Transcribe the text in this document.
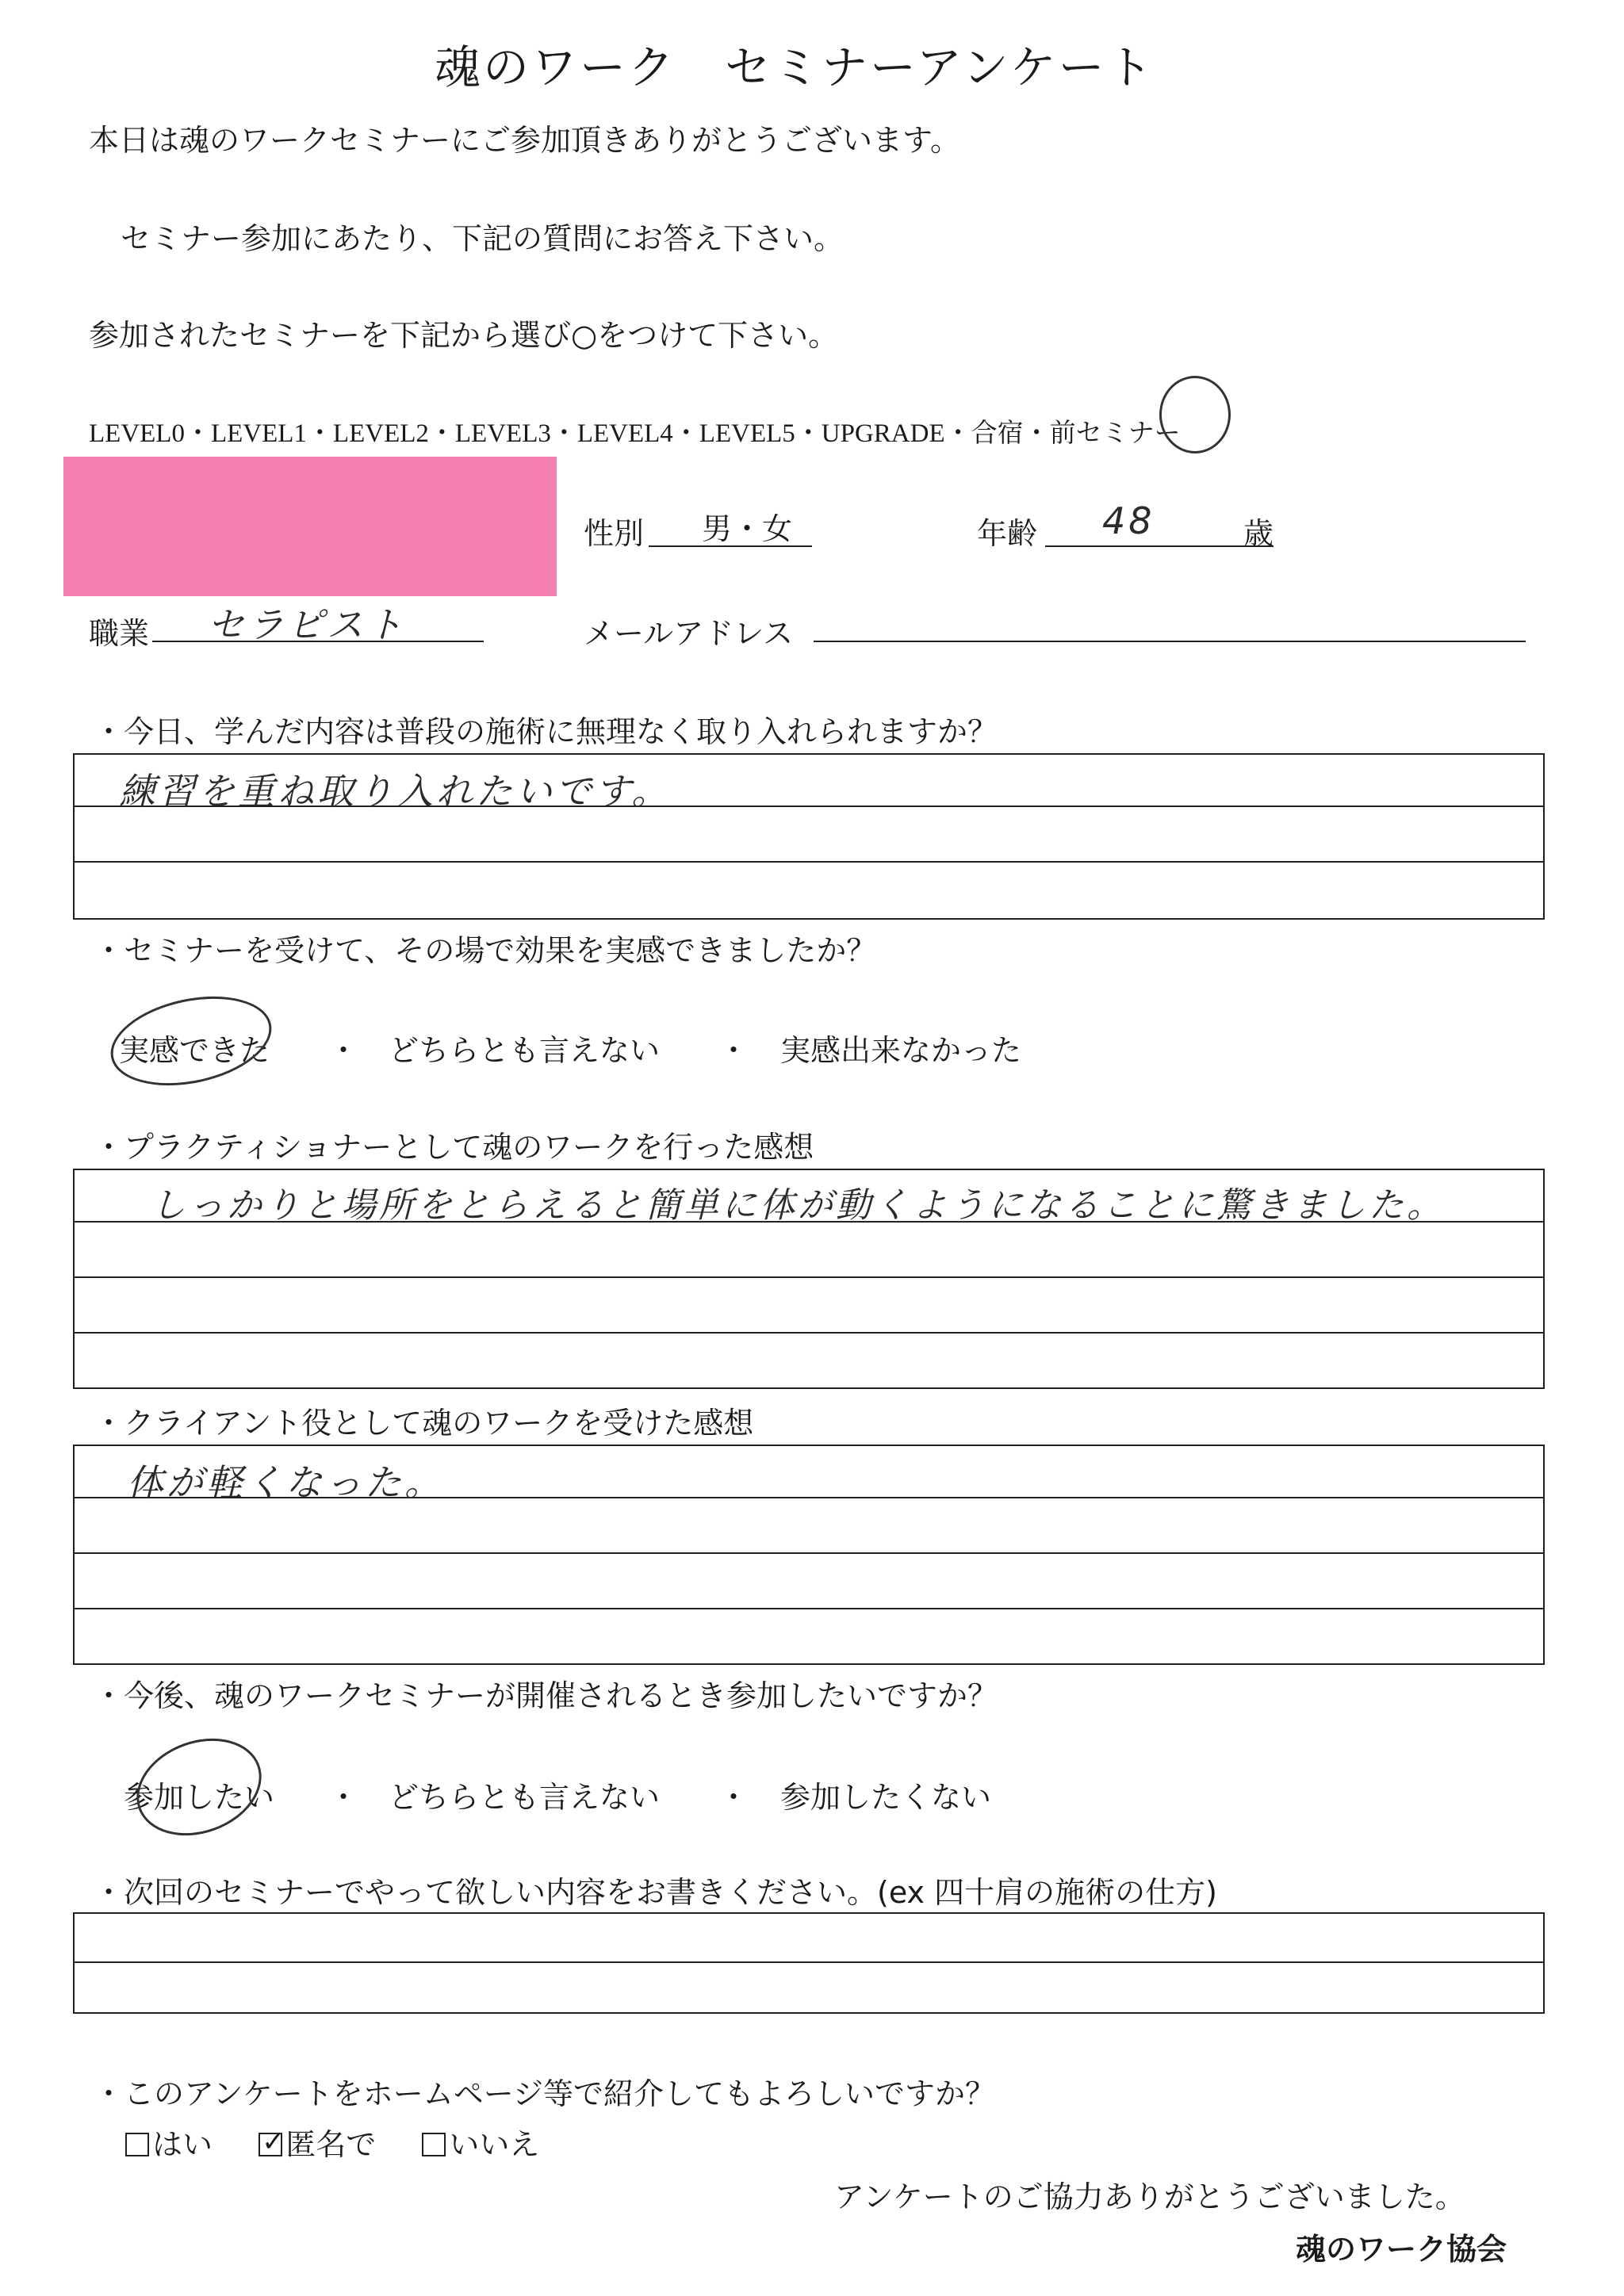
魂のワーク　セミナーアンケート
本日は魂のワークセミナーにご参加頂きありがとうございます。
セミナー参加にあたり、下記の質問にお答え下さい。
参加されたセミナーを下記から選び○をつけて下さい。
LEVEL0・LEVEL1・LEVEL2・LEVEL3・LEVEL4・LEVEL5・UPGRADE・合宿・前セミナー
性別	男・女	年齢 48	歳
職業 セラピスト	メールアドレス
・今日、学んだ内容は普段の施術に無理なく取り入れられますか？
練習を重ね取り入れたいです。
・セミナーを受けて、その場で効果を実感できましたか？
実感できた ・ どちらとも言えない ・ 実感出来なかった
・プラクティショナーとして魂のワークを行った感想
しっかりと場所をとらえると簡単に体が動くようになることに驚きました。
・クライアント役として魂のワークを受けた感想
体が軽くなった。
・今後、魂のワークセミナーが開催されるとき参加したいですか？
参加したい ・ どちらとも言えない ・ 参加したくない
・次回のセミナーでやって欲しい内容をお書きください。(ex 四十肩の施術の仕方)
・このアンケートをホームページ等で紹介してもよろしいですか？
はい ✓ 匿名で いいえ
アンケートのご協力ありがとうございました。
魂のワーク協会
